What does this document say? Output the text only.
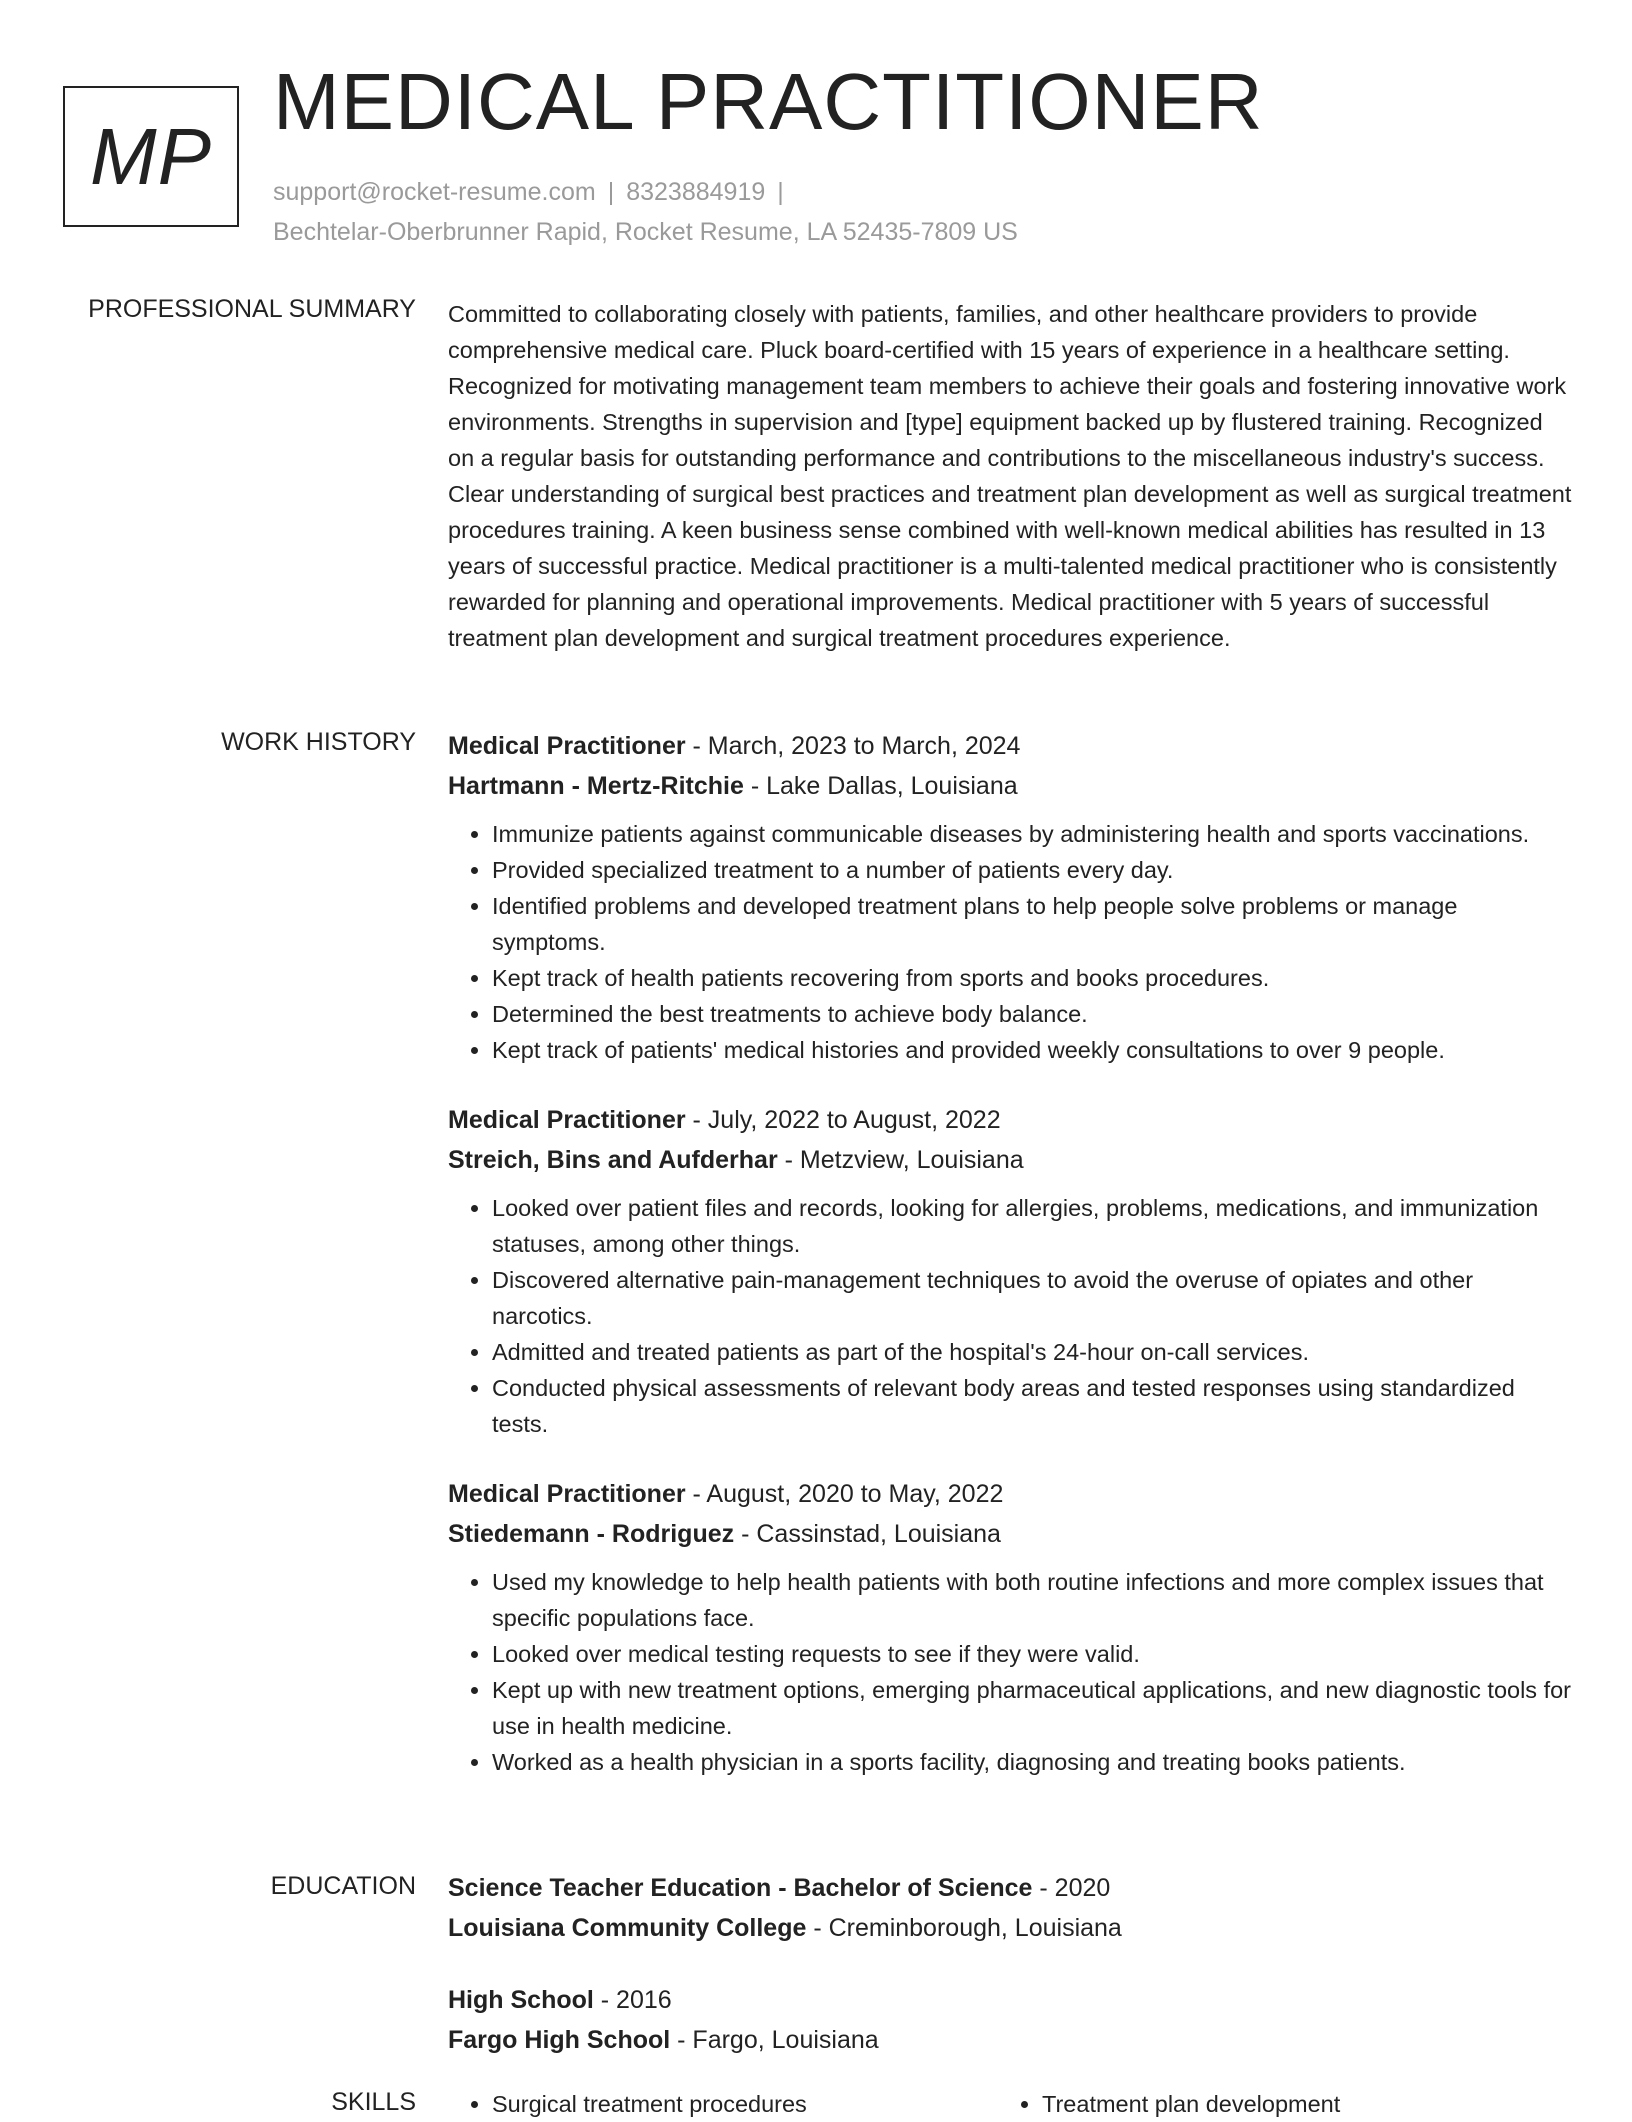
MP
MEDICAL PRACTITIONER
support@rocket-resume.com | 8323884919 |
Bechtelar-Oberbrunner Rapid, Rocket Resume, LA 52435-7809 US
PROFESSIONAL SUMMARY Committed to collaborating closely with patients, families, and other healthcare providers to provide comprehensive medical care. Pluck board-certified with 15 years of experience in a healthcare setting. Recognized for motivating management team members to achieve their goals and fostering innovative work environments. Strengths in supervision and [type] equipment backed up by flustered training. Recognized on a regular basis for outstanding performance and contributions to the miscellaneous industry's success. Clear understanding of surgical best practices and treatment plan development as well as surgical treatment procedures training. A keen business sense combined with well-known medical abilities has resulted in 13 years of successful practice. Medical practitioner is a multi-talented medical practitioner who is consistently rewarded for planning and operational improvements. Medical practitioner with 5 years of successful treatment plan development and surgical treatment procedures experience.

WORK HISTORY Medical Practitioner - March, 2023 to March, 2024
Hartmann - Mertz-Ritchie - Lake Dallas, Louisiana
• Immunize patients against communicable diseases by administering health and sports vaccinations.
• Provided specialized treatment to a number of patients every day.
• Identified problems and developed treatment plans to help people solve problems or manage symptoms.
• Kept track of health patients recovering from sports and books procedures.
• Determined the best treatments to achieve body balance.
• Kept track of patients' medical histories and provided weekly consultations to over 9 people.
Medical Practitioner - July, 2022 to August, 2022
Streich, Bins and Aufderhar - Metzview, Louisiana
• Looked over patient files and records, looking for allergies, problems, medications, and immunization statuses, among other things.
• Discovered alternative pain-management techniques to avoid the overuse of opiates and other narcotics.
• Admitted and treated patients as part of the hospital's 24-hour on-call services.
• Conducted physical assessments of relevant body areas and tested responses using standardized tests.
Medical Practitioner - August, 2020 to May, 2022
Stiedemann - Rodriguez - Cassinstad, Louisiana
• Used my knowledge to help health patients with both routine infections and more complex issues that specific populations face.
• Looked over medical testing requests to see if they were valid.
• Kept up with new treatment options, emerging pharmaceutical applications, and new diagnostic tools for use in health medicine.
• Worked as a health physician in a sports facility, diagnosing and treating books patients.
EDUCATION Science Teacher Education - Bachelor of Science - 2020
Louisiana Community College - Creminborough, Louisiana
High School - 2016
Fargo High School - Fargo, Louisiana
SKILLS	• Surgical treatment procedures	• Treatment plan development
